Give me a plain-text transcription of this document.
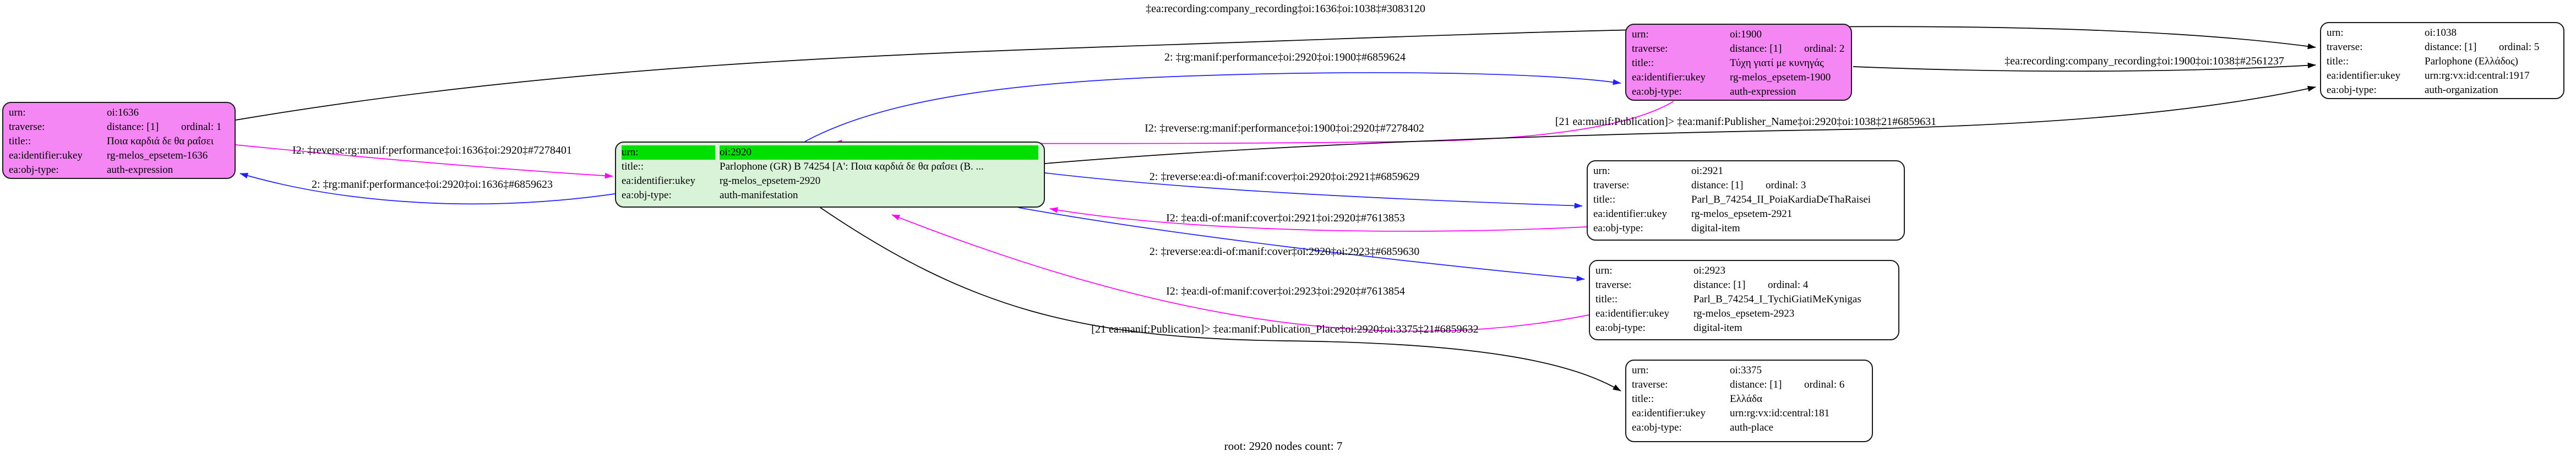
urn:	oi:1636
traverse:	distance: [1]	ordinal: 1
title::	Ποια καρδιά δε θα ραΐσει
ea:identifier:ukey	rg-melos_epsetem-1636
ea:obj-type:	auth-expression
urn:	oi:2920
title::	Parlophone (GR) B 74254 [Α': Ποια καρδιά δε θα ραΐσει (Β. ...
ea:identifier:ukey	rg-melos_epsetem-2920
ea:obj-type:	auth-manifestation
urn:	oi:1900
traverse:	distance: [1]	ordinal: 2
title::	Τύχη γιατί με κυνηγάς
ea:identifier:ukey	rg-melos_epsetem-1900
ea:obj-type:	auth-expression
urn:	oi:1038
traverse:	distance: [1]	ordinal: 5
title::	Parlophone (Ελλάδος)
ea:identifier:ukey	urn:rg:vx:id:central:1917
ea:obj-type:	auth-organization
urn:	oi:2921
traverse:	distance: [1]	ordinal: 3
title::	Parl_B_74254_II_PoiaKardiaDeThaRaisei
ea:identifier:ukey	rg-melos_epsetem-2921
ea:obj-type:	digital-item
urn:	oi:2923
traverse:	distance: [1]	ordinal: 4
title::	Parl_B_74254_I_TychiGiatiMeKynigas
ea:identifier:ukey	rg-melos_epsetem-2923
ea:obj-type:	digital-item
urn:	oi:3375
traverse:	distance: [1]	ordinal: 6
title::	Ελλάδα
ea:identifier:ukey	urn:rg:vx:id:central:181
ea:obj-type:	auth-place
‡ea:recording:company_recording‡oi:1636‡oi:1038‡#3083120
2: ‡rg:manif:performance‡oi:2920‡oi:1900‡#6859624
I2: ‡reverse:rg:manif:performance‡oi:1900‡oi:2920‡#7278402
I2: ‡reverse:rg:manif:performance‡oi:1636‡oi:2920‡#7278401
2: ‡rg:manif:performance‡oi:2920‡oi:1636‡#6859623
2: ‡reverse:ea:di-of:manif:cover‡oi:2920‡oi:2921‡#6859629
I2: ‡ea:di-of:manif:cover‡oi:2921‡oi:2920‡#7613853
2: ‡reverse:ea:di-of:manif:cover‡oi:2920‡oi:2923‡#6859630
I2: ‡ea:di-of:manif:cover‡oi:2923‡oi:2920‡#7613854
[21 ea:manif:Publication]> ‡ea:manif:Publication_Place‡oi:2920‡oi:3375‡21#6859632
‡ea:recording:company_recording‡oi:1900‡oi:1038‡#2561237
[21 ea:manif:Publication]> ‡ea:manif:Publisher_Name‡oi:2920‡oi:1038‡21#6859631
root: 2920 nodes count: 7
